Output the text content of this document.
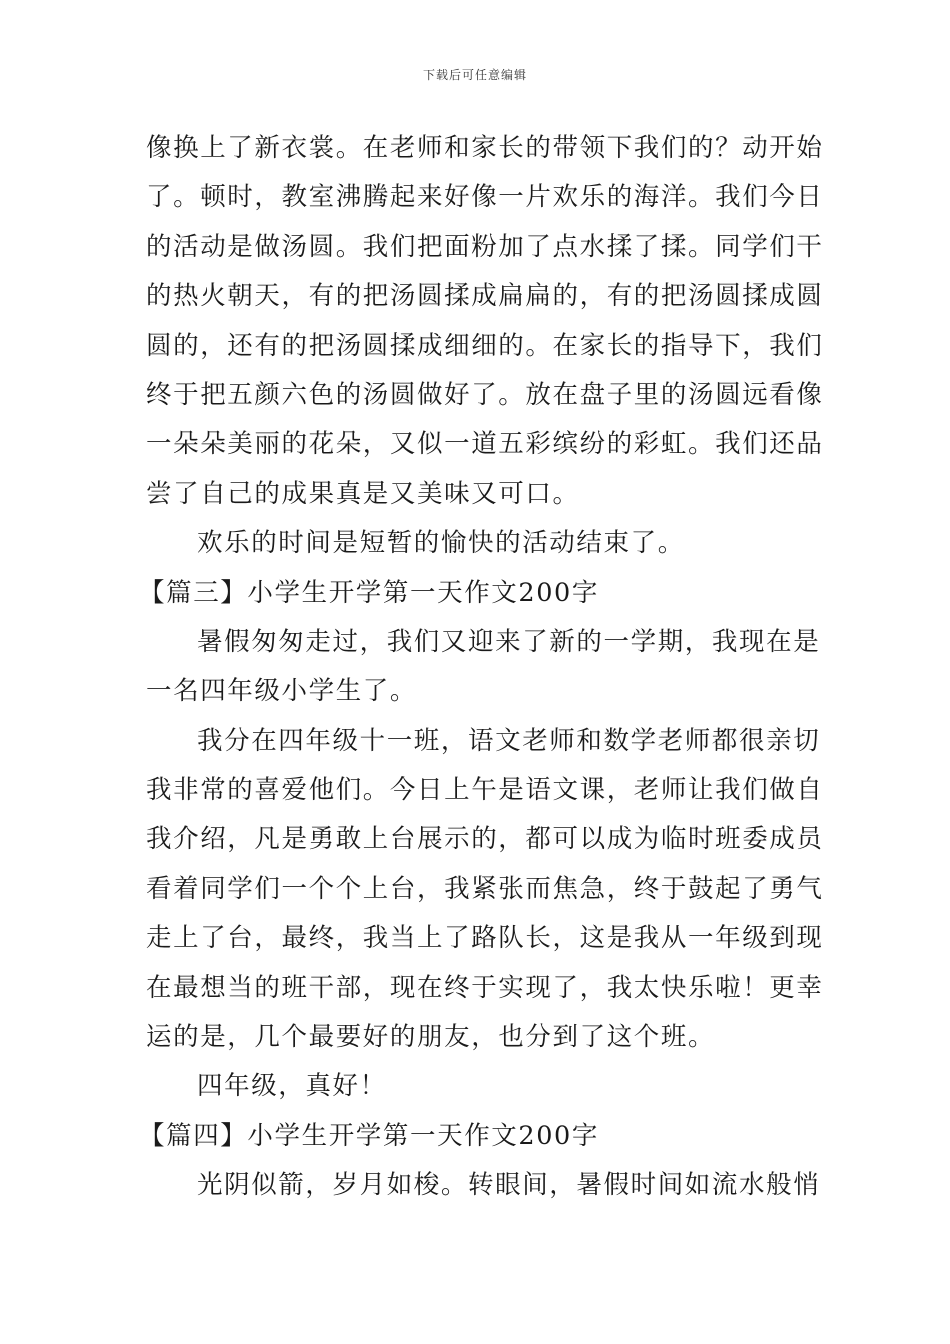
下载后可任意编辑
像换上了新衣裳。在老师和家长的带领下我们的？动开始
了。顿时，教室沸腾起来好像一片欢乐的海洋。我们今日
的活动是做汤圆。我们把面粉加了点水揉了揉。同学们干
的热火朝天，有的把汤圆揉成扁扁的，有的把汤圆揉成圆
圆的，还有的把汤圆揉成细细的。在家长的指导下，我们
终于把五颜六色的汤圆做好了。放在盘子里的汤圆远看像
一朵朵美丽的花朵，又似一道五彩缤纷的彩虹。我们还品
尝了自己的成果真是又美味又可口。
欢乐的时间是短暂的愉快的活动结束了。
【篇三】小学生开学第一天作文200字
暑假匆匆走过，我们又迎来了新的一学期，我现在是
一名四年级小学生了。
我分在四年级十一班，语文老师和数学老师都很亲切
我非常的喜爱他们。今日上午是语文课，老师让我们做自
我介绍，凡是勇敢上台展示的，都可以成为临时班委成员
看着同学们一个个上台，我紧张而焦急，终于鼓起了勇气
走上了台，最终，我当上了路队长，这是我从一年级到现
在最想当的班干部，现在终于实现了，我太快乐啦！更幸
运的是，几个最要好的朋友，也分到了这个班。
四年级，真好！
【篇四】小学生开学第一天作文200字
光阴似箭，岁月如梭。转眼间，暑假时间如流水般悄
